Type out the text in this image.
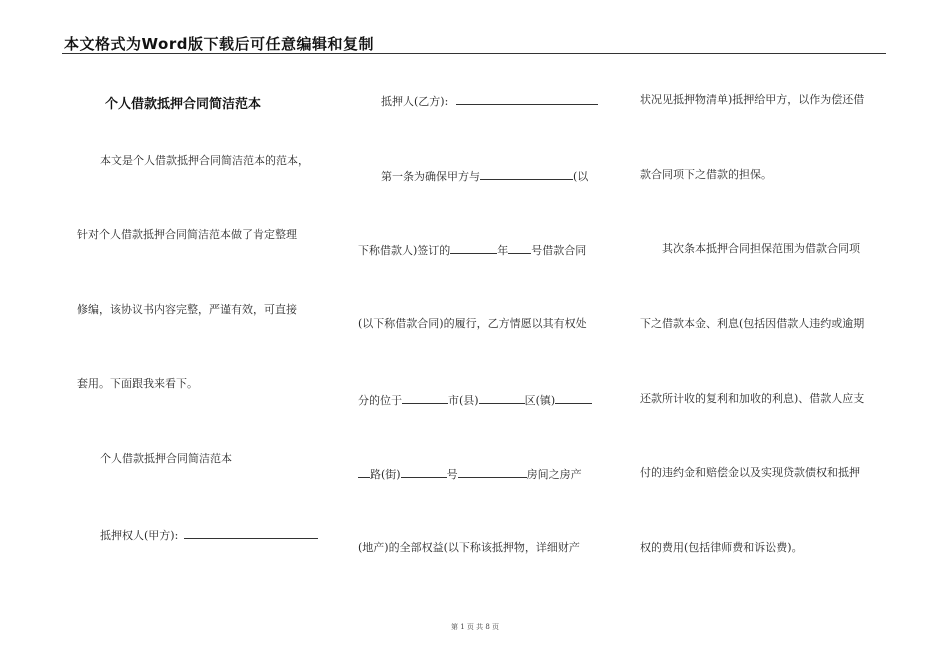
本文格式为Word版下载后可任意编辑和复制
个人借款抵押合同简洁范本
本文是个人借款抵押合同简洁范本的范本，
针对个人借款抵押合同简洁范本做了肯定整理
修编，该协议书内容完整，严谨有效，可直接
套用。下面跟我来看下。
个人借款抵押合同简洁范本
抵押权人(甲方):
抵押人(乙方):
第一条为确保甲方与	(以
下称借款人)签订的	年 号借款合同
(以下称借款合同)的履行，乙方情愿以其有权处
分的位于	市(县)	区(镇)
路(街)	号	房间之房产
(地产)的全部权益(以下称该抵押物，详细财产
状况见抵押物清单)抵押给甲方，以作为偿还借
款合同项下之借款的担保。
其次条本抵押合同担保范围为借款合同项
下之借款本金、利息(包括因借款人违约或逾期
还款所计收的复利和加收的利息)、借款人应支
付的违约金和赔偿金以及实现贷款债权和抵押
权的费用(包括律师费和诉讼费)。
第 1 页 共 8 页
